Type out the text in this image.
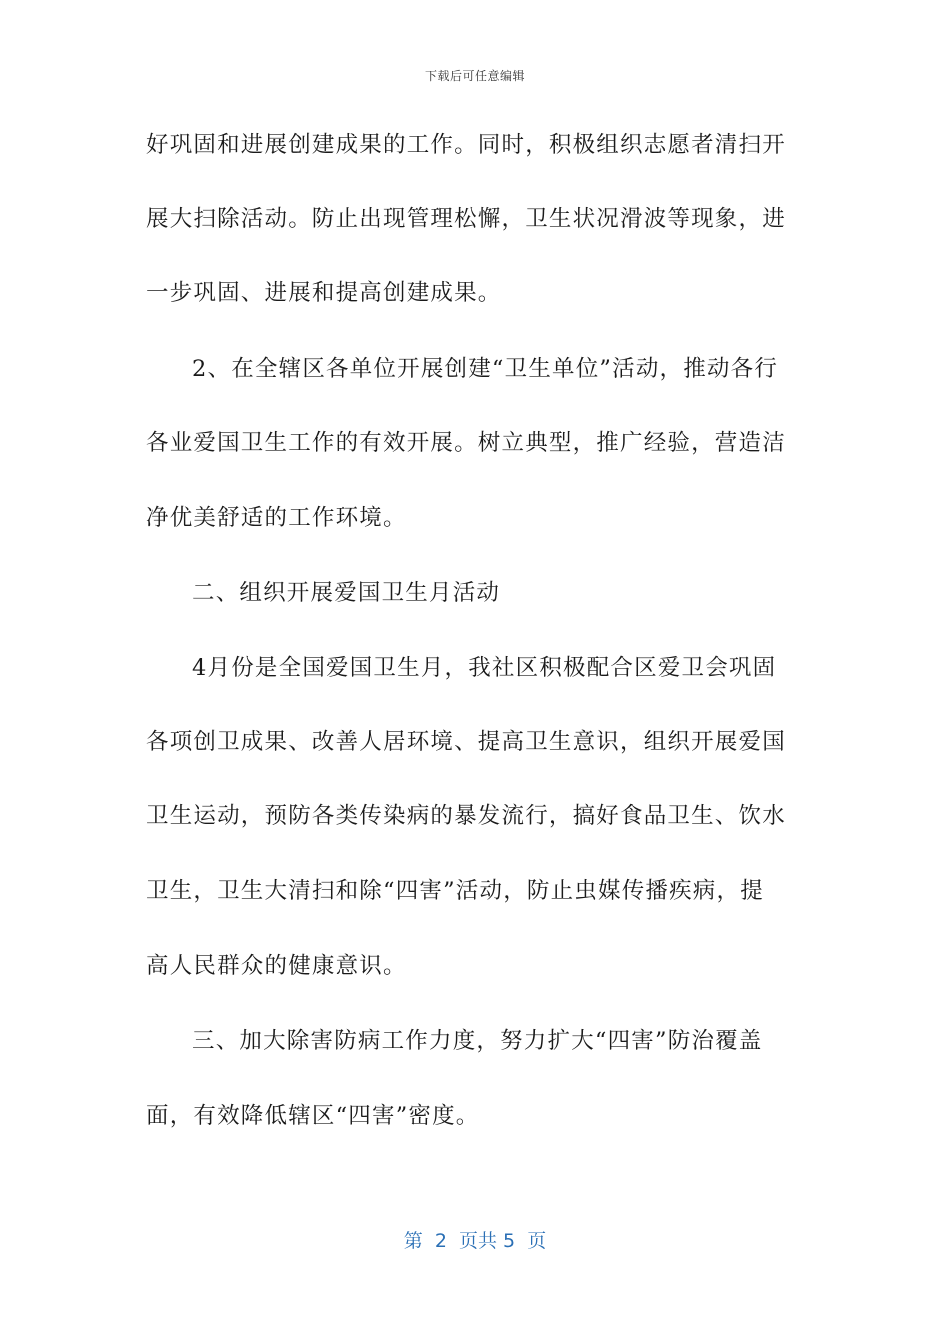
下载后可任意编辑
好巩固和进展创建成果的工作。同时，积极组织志愿者清扫开
展大扫除活动。防止出现管理松懈，卫生状况滑波等现象，进
一步巩固、进展和提高创建成果。
2、在全辖区各单位开展创建“卫生单位”活动，推动各行
各业爱国卫生工作的有效开展。树立典型，推广经验，营造洁
净优美舒适的工作环境。
二、组织开展爱国卫生月活动
4月份是全国爱国卫生月，我社区积极配合区爱卫会巩固
各项创卫成果、改善人居环境、提高卫生意识，组织开展爱国
卫生运动，预防各类传染病的暴发流行，搞好食品卫生、饮水
卫生，卫生大清扫和除“四害”活动，防止虫媒传播疾病，提
高人民群众的健康意识。
三、加大除害防病工作力度，努力扩大“四害”防治覆盖
面，有效降低辖区“四害”密度。
第  2  页共 5  页
